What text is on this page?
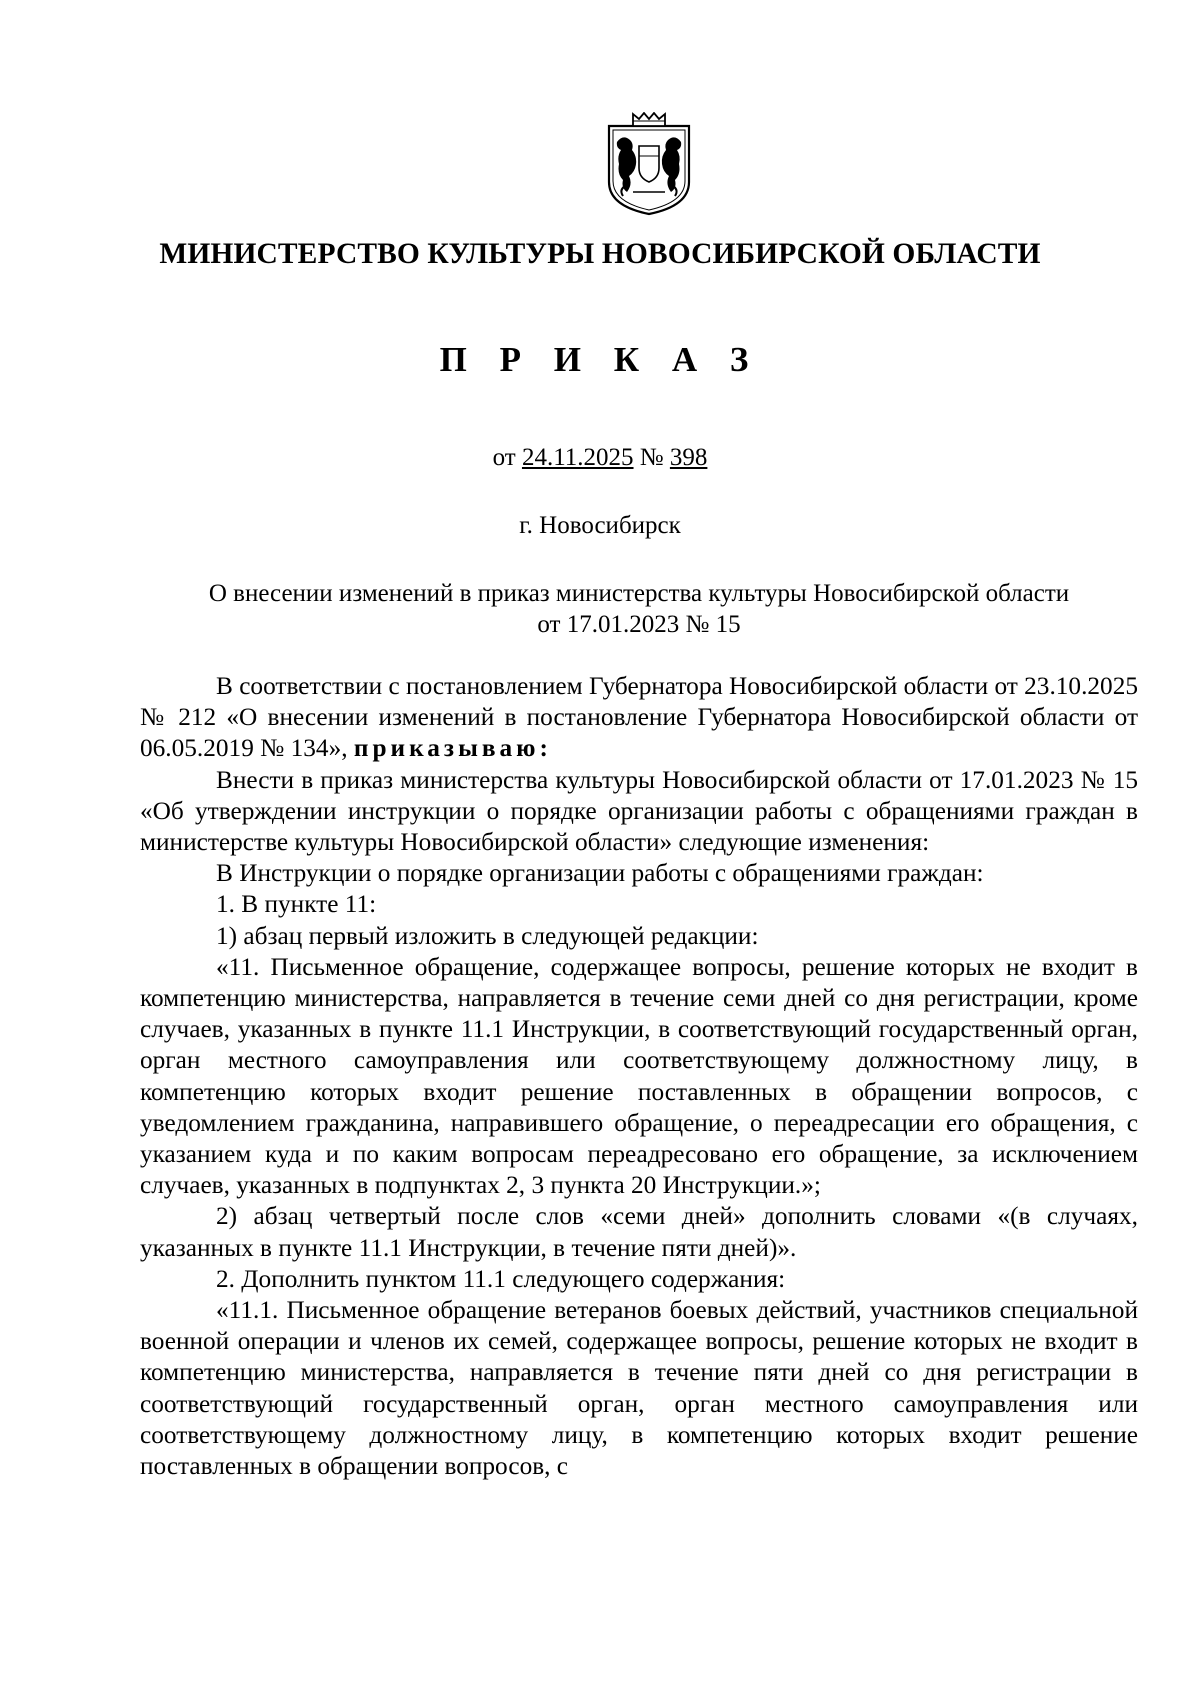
МИНИСТЕРСТВО КУЛЬТУРЫ НОВОСИБИРСКОЙ ОБЛАСТИ
П Р И К А З
от 24.11.2025 № 398
г. Новосибирск
О внесении изменений в приказ министерства культуры Новосибирской области
от 17.01.2023 № 15

В соответствии с постановлением Губернатора Новосибирской области от 23.10.2025 № 212 «О внесении изменений в постановление Губернатора Новосибирской области от 06.05.2019 № 134», приказываю:

Внести в приказ министерства культуры Новосибирской области от 17.01.2023 № 15 «Об утверждении инструкции о порядке организации работы с обращениями граждан в министерстве культуры Новосибирской области» следующие изменения:

В Инструкции о порядке организации работы с обращениями граждан:

1. В пункте 11:

1) абзац первый изложить в следующей редакции:

«11. Письменное обращение, содержащее вопросы, решение которых не входит в компетенцию министерства, направляется в течение семи дней со дня регистрации, кроме случаев, указанных в пункте 11.1 Инструкции, в соответствующий государственный орган, орган местного самоуправления или соответствующему должностному лицу, в компетенцию которых входит решение поставленных в обращении вопросов, с уведомлением гражданина, направившего обращение, о переадресации его обращения, с указанием куда и по каким вопросам переадресовано его обращение, за исключением случаев, указанных в подпунктах 2, 3 пункта 20 Инструкции.»;

2) абзац четвертый после слов «семи дней» дополнить словами «(в случаях, указанных в пункте 11.1 Инструкции, в течение пяти дней)».

2. Дополнить пунктом 11.1 следующего содержания:

«11.1. Письменное обращение ветеранов боевых действий, участников специальной военной операции и членов их семей, содержащее вопросы, решение которых не входит в компетенцию министерства, направляется в течение пяти дней со дня регистрации в соответствующий государственный орган, орган местного самоуправления или соответствующему должностному лицу, в компетенцию которых входит решение поставленных в обращении вопросов, с
